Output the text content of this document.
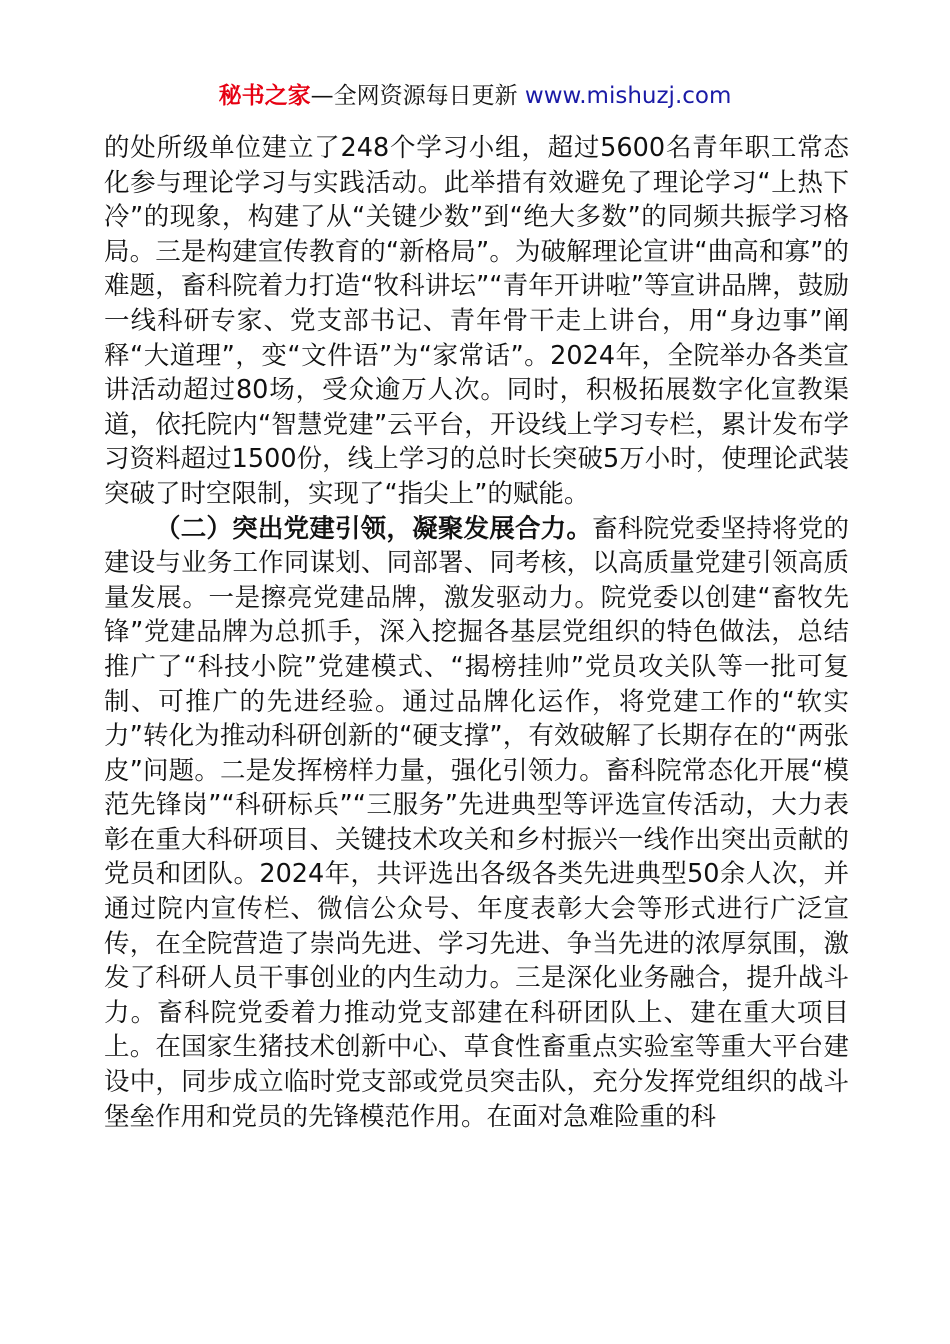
秘书之家—全网资源每日更新 www.mishuzj.com

的处所级单位建立了248个学习小组，超过5600名青年职工常态化参与理论学习与实践活动。此举措有效避免了理论学习“上热下冷”的现象，构建了从“关键少数”到“绝大多数”的同频共振学习格局。三是构建宣传教育的“新格局”。为破解理论宣讲“曲高和寡”的难题，畜科院着力打造“牧科讲坛”“青年开讲啦”等宣讲品牌，鼓励一线科研专家、党支部书记、青年骨干走上讲台，用“身边事”阐释“大道理”，变“文件语”为“家常话”。2024年，全院举办各类宣讲活动超过80场，受众逾万人次。同时，积极拓展数字化宣教渠道，依托院内“智慧党建”云平台，开设线上学习专栏，累计发布学习资料超过1500份，线上学习的总时长突破5万小时，使理论武装突破了时空限制，实现了“指尖上”的赋能。

（二）突出党建引领，凝聚发展合力。畜科院党委坚持将党的建设与业务工作同谋划、同部署、同考核，以高质量党建引领高质量发展。一是擦亮党建品牌，激发驱动力。院党委以创建“畜牧先锋”党建品牌为总抓手，深入挖掘各基层党组织的特色做法，总结推广了“科技小院”党建模式、“揭榜挂帅”党员攻关队等一批可复制、可推广的先进经验。通过品牌化运作，将党建工作的“软实力”转化为推动科研创新的“硬支撑”，有效破解了长期存在的“两张皮”问题。二是发挥榜样力量，强化引领力。畜科院常态化开展“模范先锋岗”“科研标兵”“三服务”先进典型等评选宣传活动，大力表彰在重大科研项目、关键技术攻关和乡村振兴一线作出突出贡献的党员和团队。2024年，共评选出各级各类先进典型50余人次，并通过院内宣传栏、微信公众号、年度表彰大会等形式进行广泛宣传，在全院营造了崇尚先进、学习先进、争当先进的浓厚氛围，激发了科研人员干事创业的内生动力。三是深化业务融合，提升战斗力。畜科院党委着力推动党支部建在科研团队上、建在重大项目上。在国家生猪技术创新中心、草食性畜重点实验室等重大平台建设中，同步成立临时党支部或党员突击队，充分发挥党组织的战斗堡垒作用和党员的先锋模范作用。在面对急难险重的科
